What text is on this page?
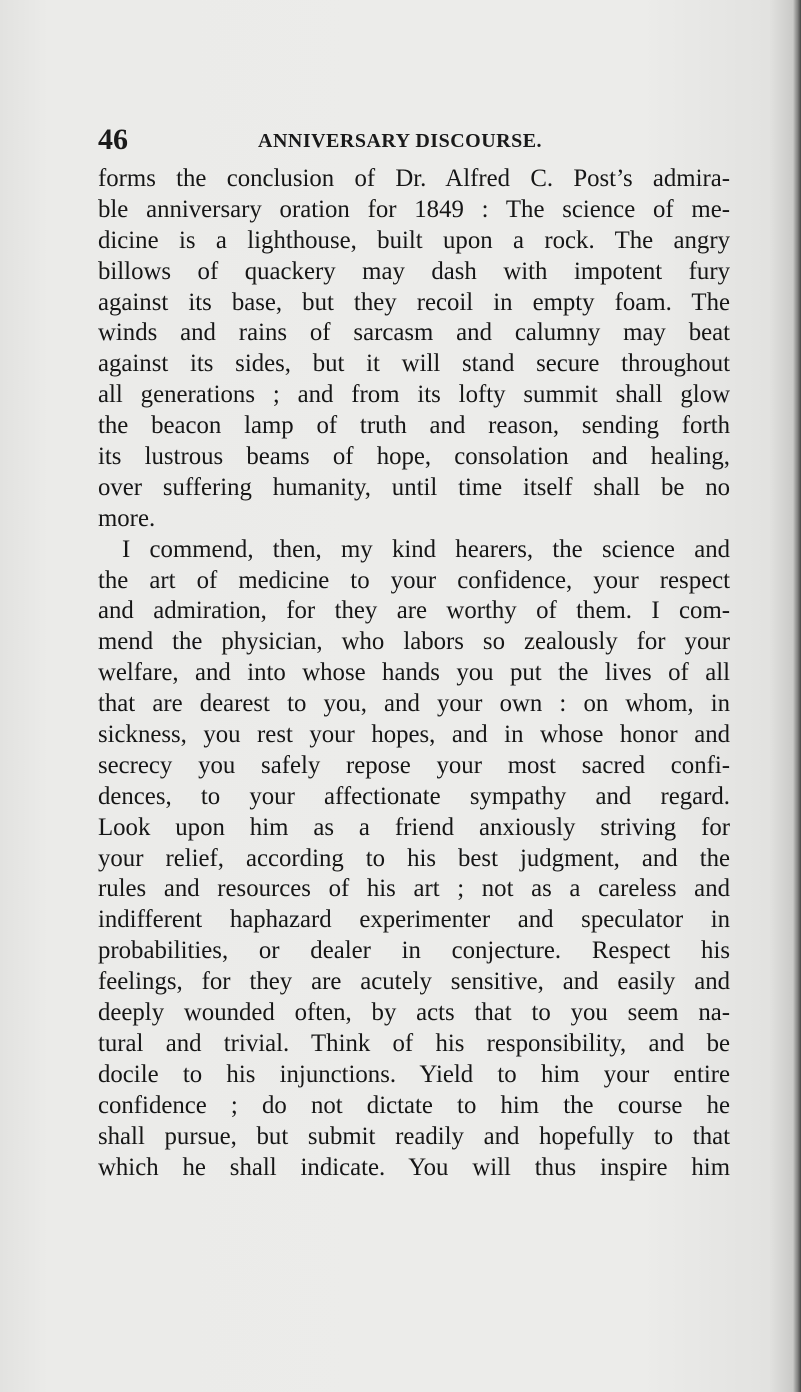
46	ANNIVERSARY DISCOURSE.
forms the conclusion of Dr. Alfred C. Post’s admira-
ble anniversary oration for 1849 : The science of me-
dicine is a lighthouse, built upon a rock. The angry
billows of quackery may dash with impotent fury
against its base, but they recoil in empty foam. The
winds and rains of sarcasm and calumny may beat
against its sides, but it will stand secure throughout
all generations ; and from its lofty summit shall glow
the beacon lamp of truth and reason, sending forth
its lustrous beams of hope, consolation and healing,
over suffering humanity, until time itself shall be no
more.
I commend, then, my kind hearers, the science and
the art of medicine to your confidence, your respect
and admiration, for they are worthy of them. I com-
mend the physician, who labors so zealously for your
welfare, and into whose hands you put the lives of all
that are dearest to you, and your own : on whom, in
sickness, you rest your hopes, and in whose honor and
secrecy you safely repose your most sacred confi-
dences, to your affectionate sympathy and regard.
Look upon him as a friend anxiously striving for
your relief, according to his best judgment, and the
rules and resources of his art ; not as a careless and
indifferent haphazard experimenter and speculator in
probabilities, or dealer in conjecture. Respect his
feelings, for they are acutely sensitive, and easily and
deeply wounded often, by acts that to you seem na-
tural and trivial. Think of his responsibility, and be
docile to his injunctions. Yield to him your entire
confidence ; do not dictate to him the course he
shall pursue, but submit readily and hopefully to that
which he shall indicate. You will thus inspire him
